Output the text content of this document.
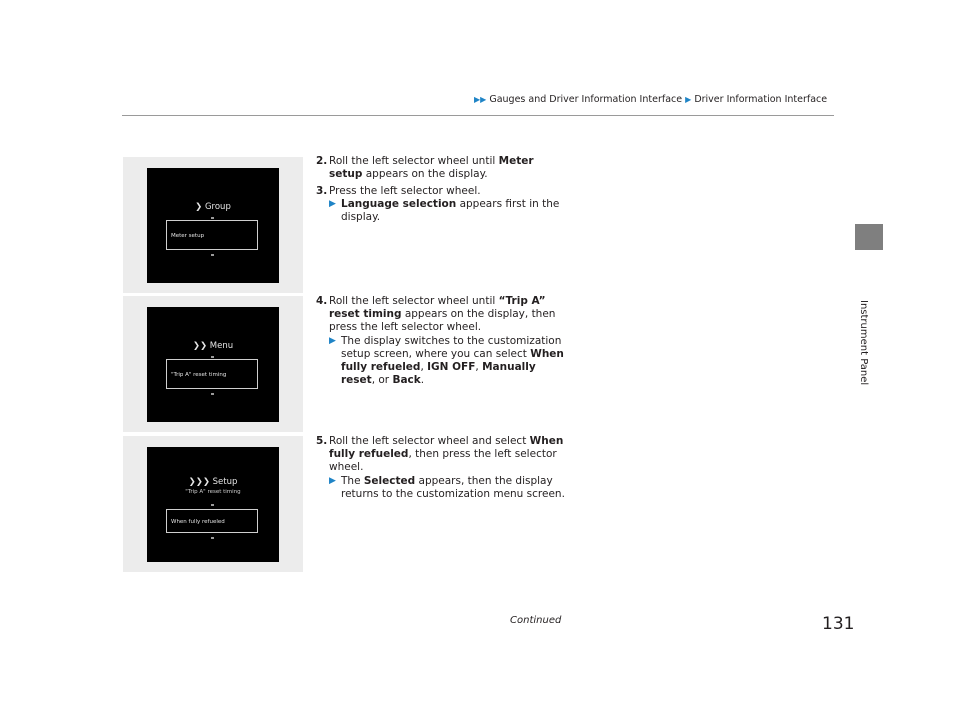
▶▶ Gauges and Driver Information Interface ▶ Driver Information Interface
Instrument Panel
❯ Group
Meter setup
❯❯ Menu
"Trip A" reset timing
❯❯❯ Setup
"Trip A" reset timing
When fully refueled
2. Roll the left selector wheel until Meter setup appears on the display.
3. Press the left selector wheel.
▶ Language selection appears first in the display.
4. Roll the left selector wheel until “Trip A” reset timing appears on the display, then press the left selector wheel.
▶ The display switches to the customization setup screen, where you can select When fully refueled, IGN OFF, Manually reset, or Back.
5. Roll the left selector wheel and select When fully refueled, then press the left selector wheel.
▶ The Selected appears, then the display returns to the customization menu screen.
Continued	131
